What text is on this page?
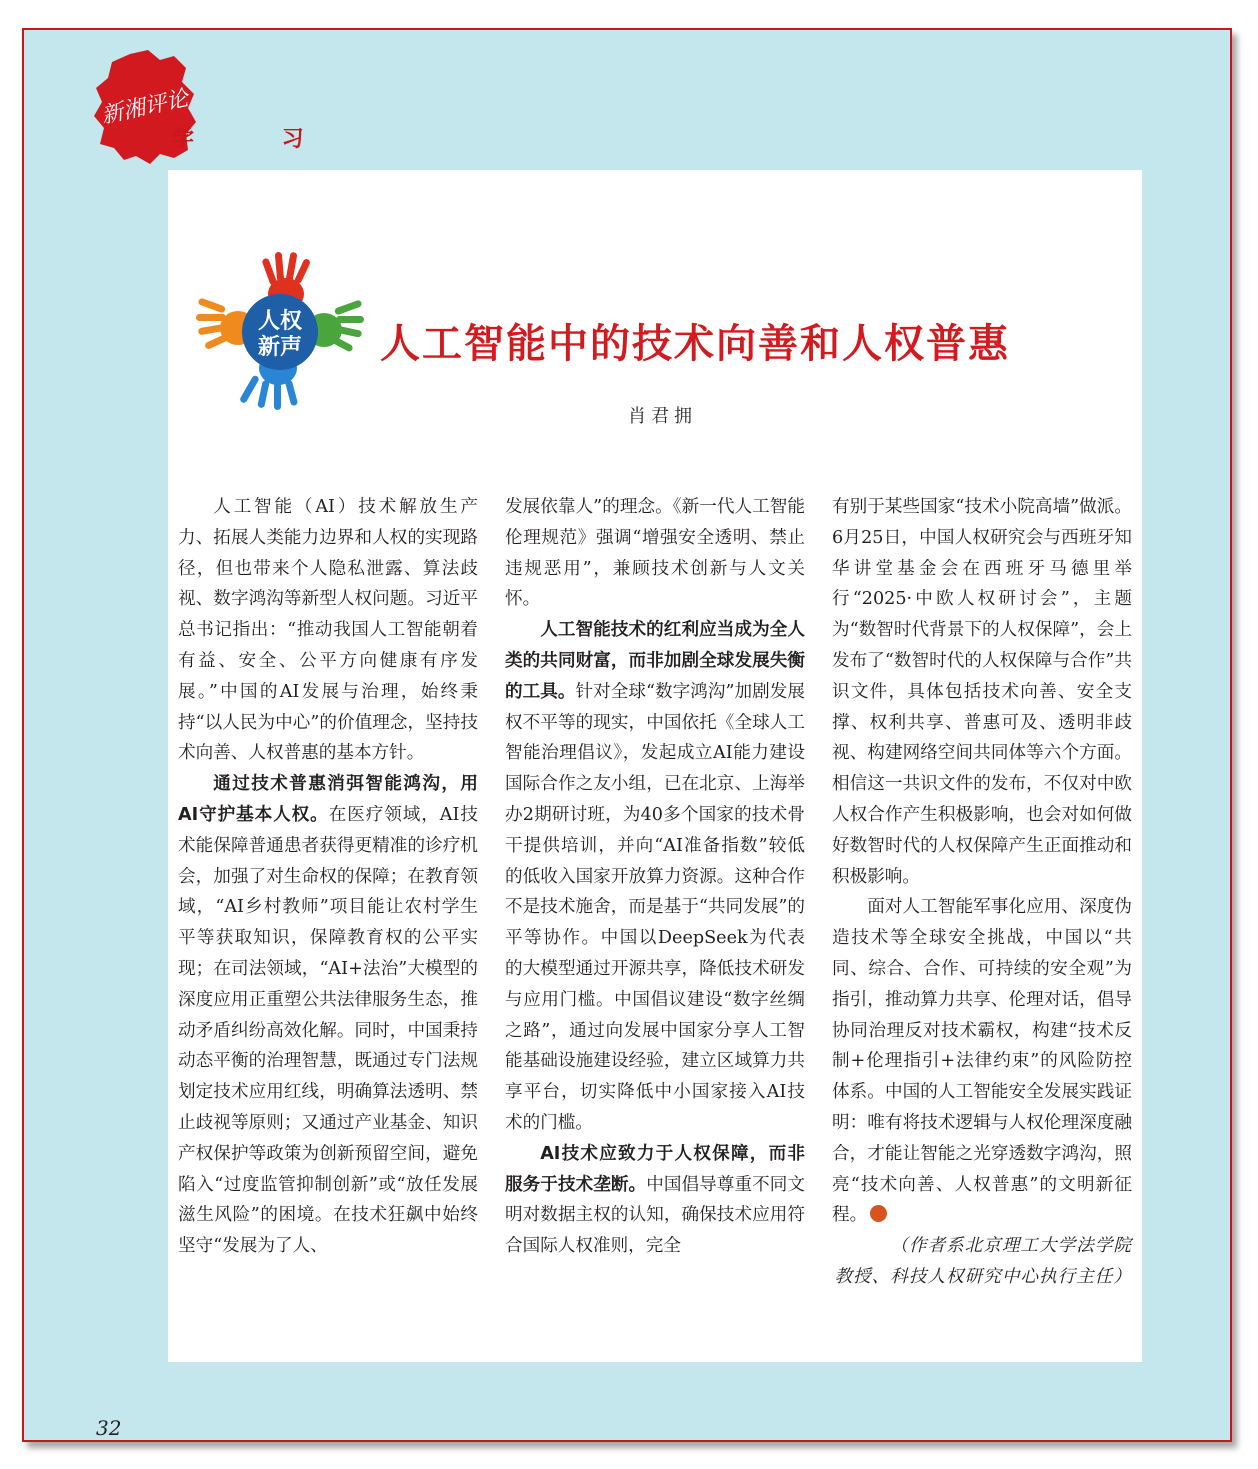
新湘评论
学 习
人权
新声 人工智能中的技术向善和人权普惠
肖君拥

人工智能（AI）技术解放生产力、拓展人类能力边界和人权的实现路径，但也带来个人隐私泄露、算法歧视、数字鸿沟等新型人权问题。习近平总书记指出：“推动我国人工智能朝着有益、安全、公平方向健康有序发展。”中国的AI发展与治理，始终秉持“以人民为中心”的价值理念，坚持技术向善、人权普惠的基本方针。

通过技术普惠消弭智能鸿沟，用AI守护基本人权。在医疗领域，AI技术能保障普通患者获得更精准的诊疗机会，加强了对生命权的保障；在教育领域，“AI乡村教师”项目能让农村学生平等获取知识，保障教育权的公平实现；在司法领域，“AI+法治”大模型的深度应用正重塑公共法律服务生态，推动矛盾纠纷高效化解。同时，中国秉持动态平衡的治理智慧，既通过专门法规划定技术应用红线，明确算法透明、禁止歧视等原则；又通过产业基金、知识产权保护等政策为创新预留空间，避免陷入“过度监管抑制创新”或“放任发展滋生风险”的困境。在技术狂飙中始终坚守“发展为了人、

发展依靠人”的理念。《新一代人工智能伦理规范》强调“增强安全透明、禁止违规恶用”，兼顾技术创新与人文关怀。

人工智能技术的红利应当成为全人类的共同财富，而非加剧全球发展失衡的工具。针对全球“数字鸿沟”加剧发展权不平等的现实，中国依托《全球人工智能治理倡议》，发起成立AI能力建设国际合作之友小组，已在北京、上海举办2期研讨班，为40多个国家的技术骨干提供培训，并向“AI准备指数”较低的低收入国家开放算力资源。这种合作不是技术施舍，而是基于“共同发展”的平等协作。中国以DeepSeek为代表的大模型通过开源共享，降低技术研发与应用门槛。中国倡议建设“数字丝绸之路”，通过向发展中国家分享人工智能基础设施建设经验，建立区域算力共享平台，切实降低中小国家接入AI技术的门槛。

AI技术应致力于人权保障，而非服务于技术垄断。中国倡导尊重不同文明对数据主权的认知，确保技术应用符合国际人权准则，完全

有别于某些国家“技术小院高墙”做派。6月25日，中国人权研究会与西班牙知华讲堂基金会在西班牙马德里举行“2025·中欧人权研讨会”，主题为“数智时代背景下的人权保障”，会上发布了“数智时代的人权保障与合作”共识文件，具体包括技术向善、安全支撑、权利共享、普惠可及、透明非歧视、构建网络空间共同体等六个方面。相信这一共识文件的发布，不仅对中欧人权合作产生积极影响，也会对如何做好数智时代的人权保障产生正面推动和积极影响。

面对人工智能军事化应用、深度伪造技术等全球安全挑战，中国以“共同、综合、合作、可持续的安全观”为指引，推动算力共享、伦理对话，倡导协同治理反对技术霸权，构建“技术反制+伦理指引+法律约束”的风险防控体系。中国的人工智能安全发展实践证明：唯有将技术逻辑与人权伦理深度融合，才能让智能之光穿透数字鸿沟，照亮“技术向善、人权普惠”的文明新征程。

（作者系北京理工大学法学院

教授、科技人权研究中心执行主任）

32
